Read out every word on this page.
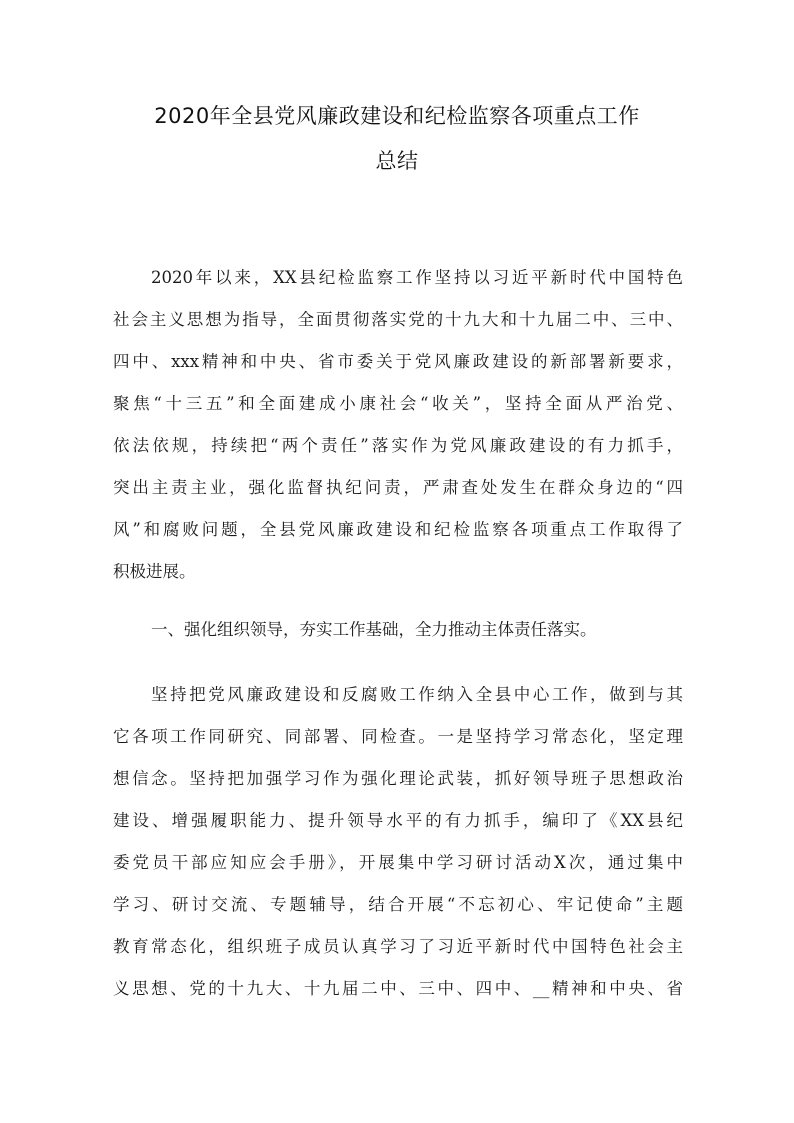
2020年全县党风廉政建设和纪检监察各项重点工作
总结
2020年以来，XX县纪检监察工作坚持以习近平新时代中国特色
社会主义思想为指导，全面贯彻落实党的十九大和十九届二中、三中、
四中、xxx精神和中央、省市委关于党风廉政建设的新部署新要求，
聚焦“十三五”和全面建成小康社会“收关”，坚持全面从严治党、
依法依规，持续把“两个责任”落实作为党风廉政建设的有力抓手，
突出主责主业，强化监督执纪问责，严肃查处发生在群众身边的“四
风”和腐败问题，全县党风廉政建设和纪检监察各项重点工作取得了
积极进展。
一、强化组织领导，夯实工作基础，全力推动主体责任落实。
坚持把党风廉政建设和反腐败工作纳入全县中心工作，做到与其
它各项工作同研究、同部署、同检查。一是坚持学习常态化，坚定理
想信念。坚持把加强学习作为强化理论武装，抓好领导班子思想政治
建设、增强履职能力、提升领导水平的有力抓手，编印了《XX县纪
委党员干部应知应会手册》，开展集中学习研讨活动X次，通过集中
学习、研讨交流、专题辅导，结合开展“不忘初心、牢记使命”主题
教育常态化，组织班子成员认真学习了习近平新时代中国特色社会主
义思想、党的十九大、十九届二中、三中、四中、__精神和中央、省
